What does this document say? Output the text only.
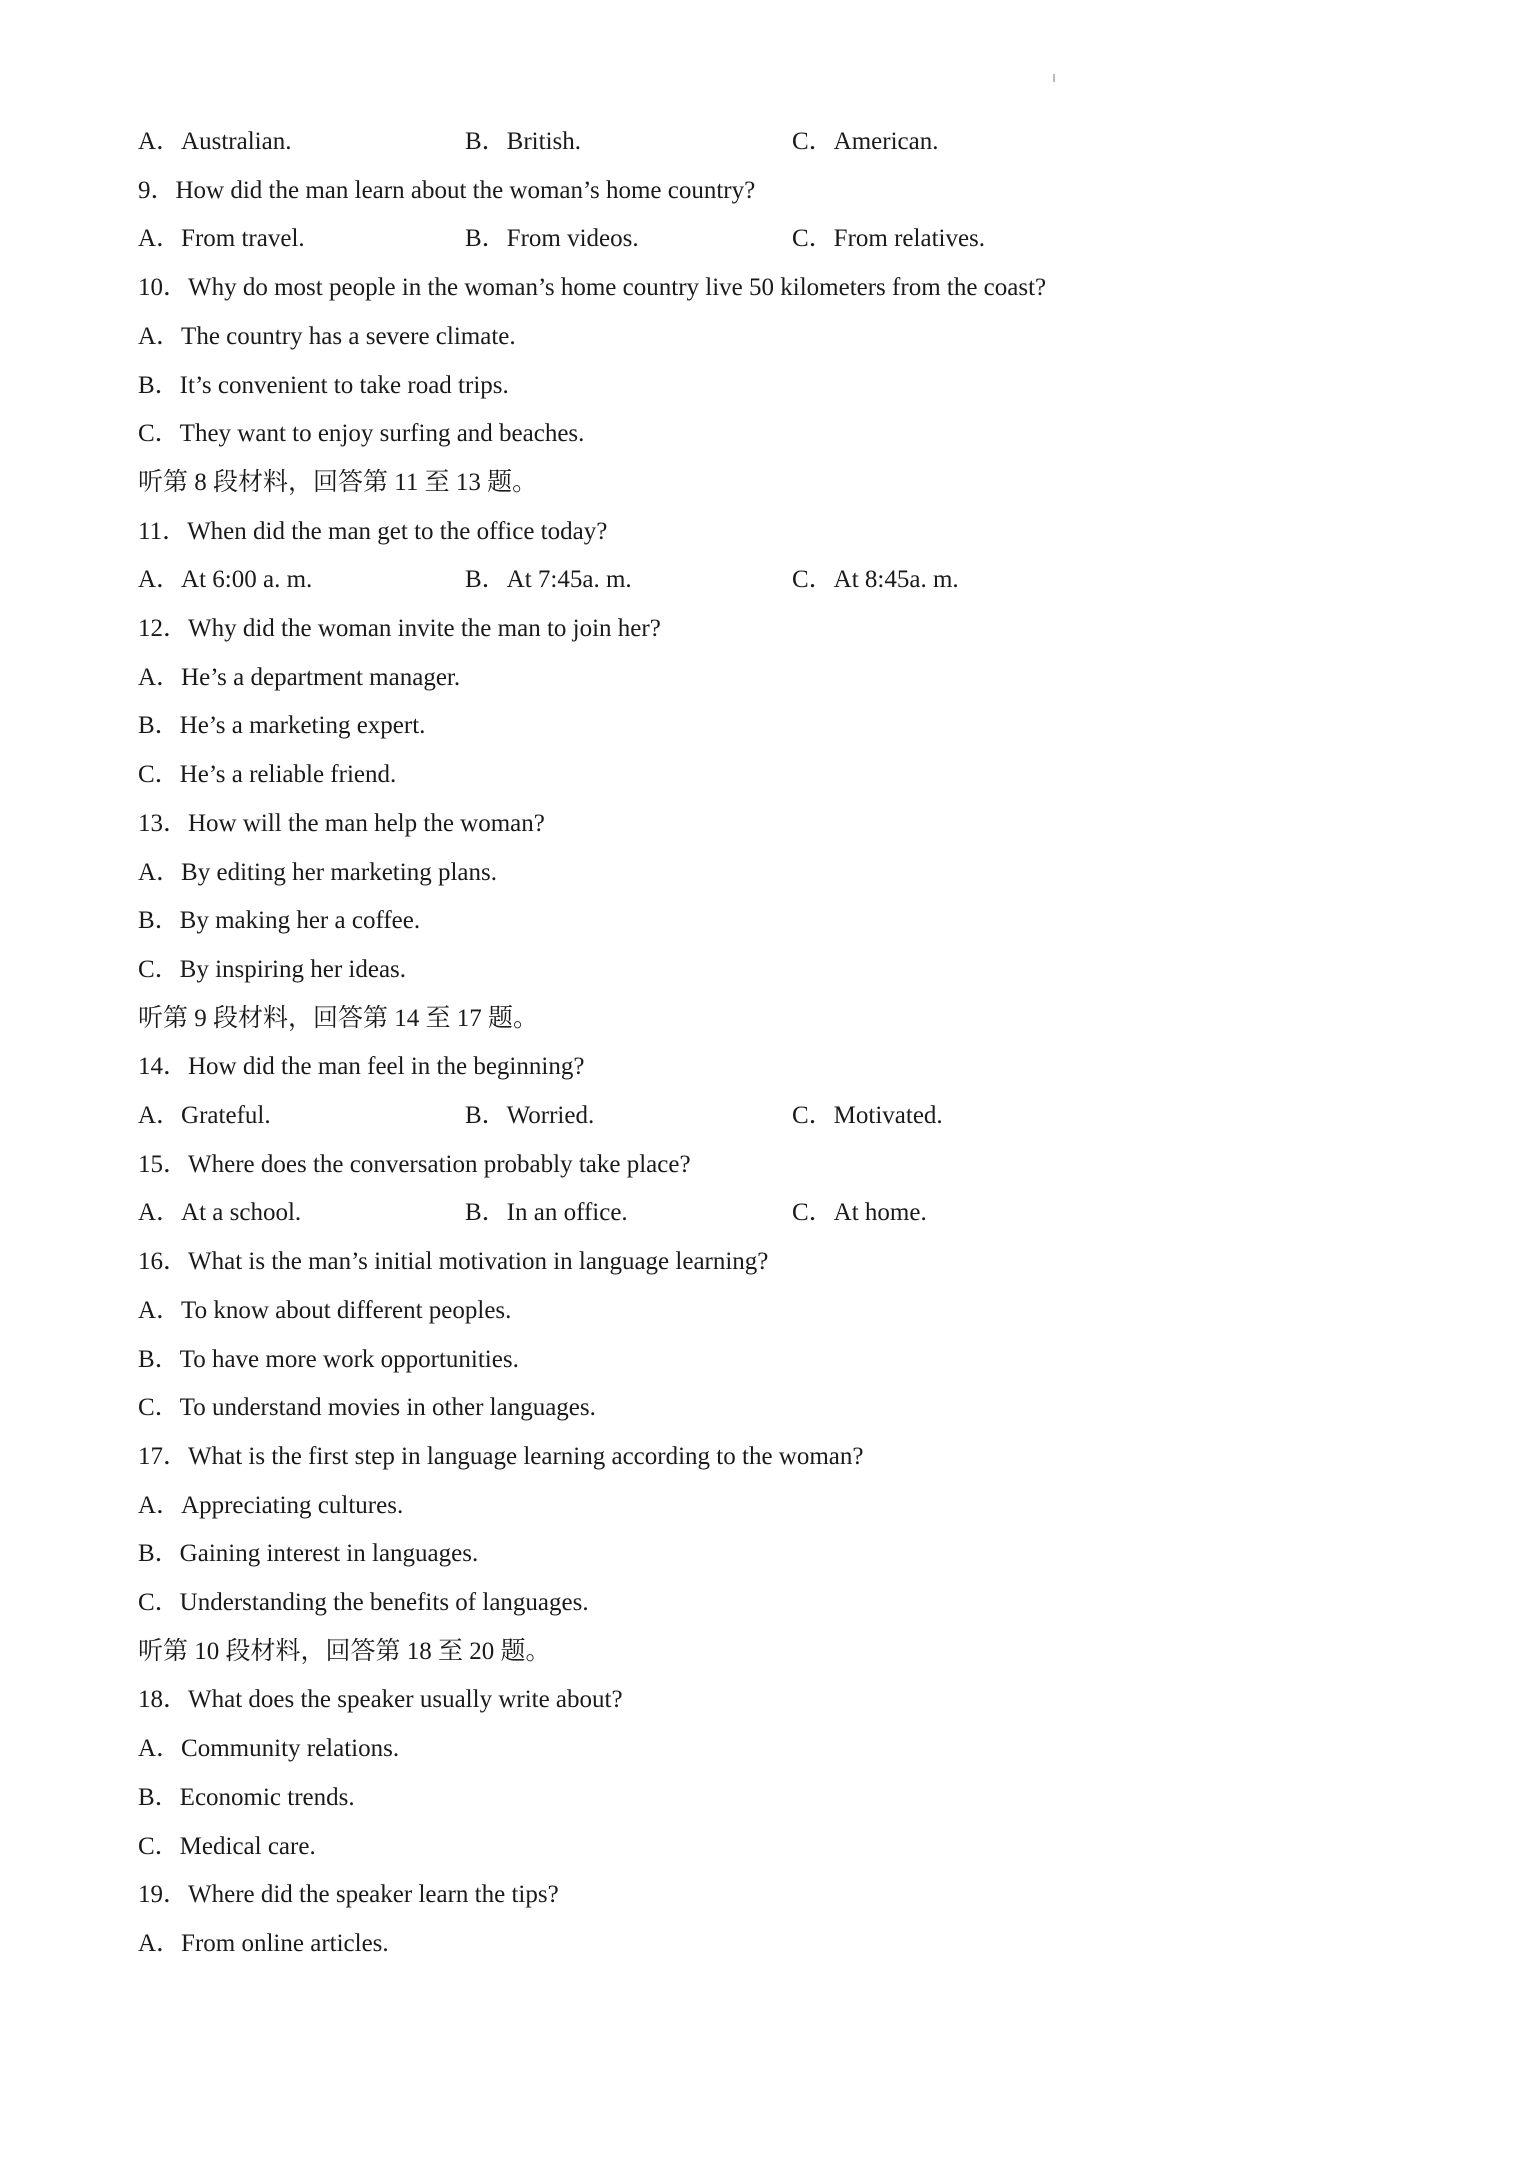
A．Australian.	B．British.	C．American.
9．How did the man learn about the woman’s home country?
A．From travel.	B．From videos.	C．From relatives.
10．Why do most people in the woman’s home country live 50 kilometers from the coast?
A．The country has a severe climate.
B．It’s convenient to take road trips.
C．They want to enjoy surfing and beaches.
听第 8 段材料，回答第 11 至 13 题。
11．When did the man get to the office today?
A．At 6:00 a. m.	B．At 7:45a. m.	C．At 8:45a. m.
12．Why did the woman invite the man to join her?
A．He’s a department manager.
B．He’s a marketing expert.
C．He’s a reliable friend.
13．How will the man help the woman?
A．By editing her marketing plans.
B．By making her a coffee.
C．By inspiring her ideas.
听第 9 段材料，回答第 14 至 17 题。
14．How did the man feel in the beginning?
A．Grateful.	B．Worried.	C．Motivated.
15．Where does the conversation probably take place?
A．At a school.	B．In an office.	C．At home.
16．What is the man’s initial motivation in language learning?
A．To know about different peoples.
B．To have more work opportunities.
C．To understand movies in other languages.
17．What is the first step in language learning according to the woman?
A．Appreciating cultures.
B．Gaining interest in languages.
C．Understanding the benefits of languages.
听第 10 段材料，回答第 18 至 20 题。
18．What does the speaker usually write about?
A．Community relations.
B．Economic trends.
C．Medical care.
19．Where did the speaker learn the tips?
A．From online articles.
